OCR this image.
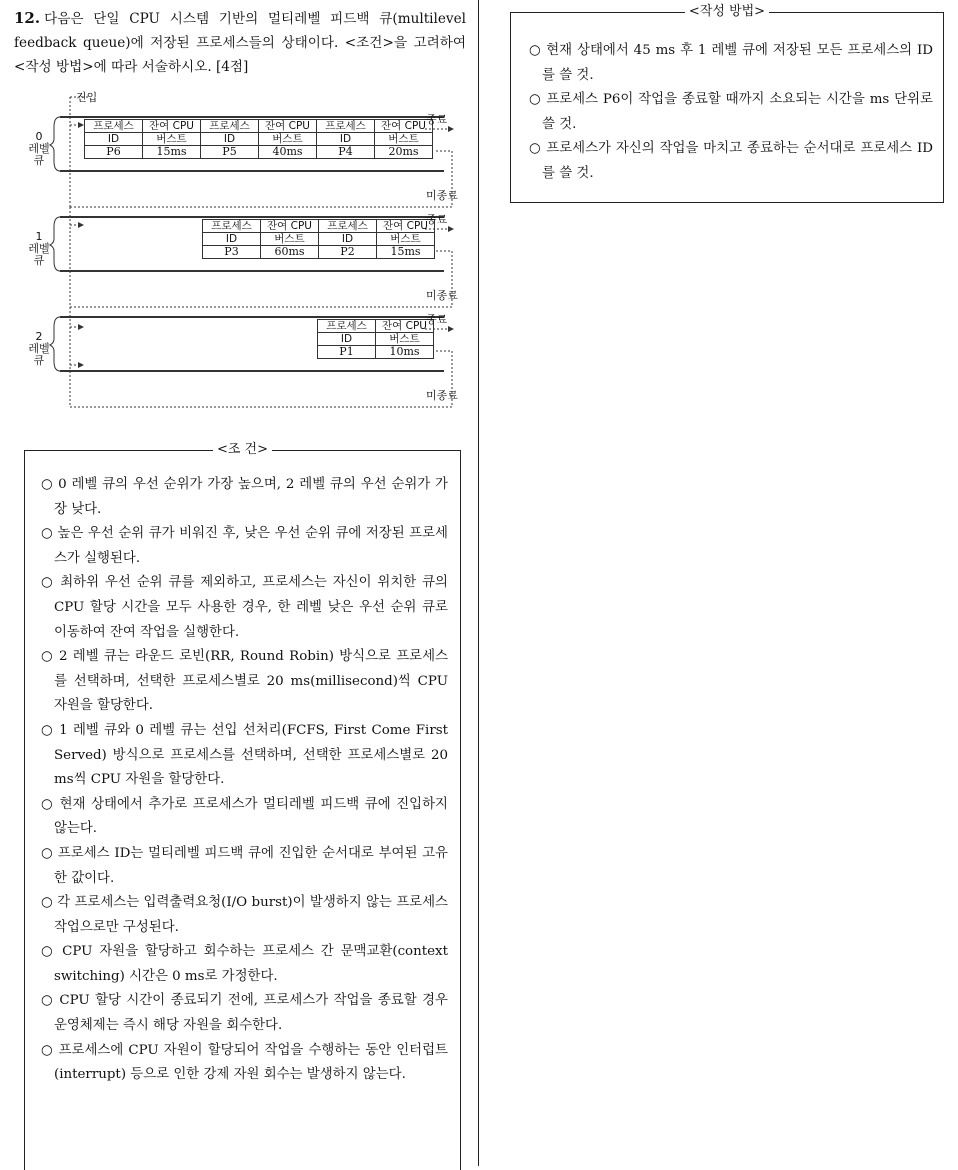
12. 다음은 단일 CPU 시스템 기반의 멀티레벨 피드백 큐(multilevel feedback queue)에 저장된 프로세스들의 상태이다. <조건>을 고려하여 <작성 방법>에 따라 서술하시오. [4점]

진입
0
레벨
큐
프로세스	잔여 CPU	프로세스	잔여 CPU	프로세스	잔여 CPU
ID	버스트	ID	버스트	ID	버스트
P6	15ms	P5	40ms	P4	20ms
종료
미종료
1
레벨
큐
프로세스	잔여 CPU	프로세스	잔여 CPU
ID	버스트	ID	버스트
P3	60ms	P2	15ms
종료
미종료
2
레벨
큐
프로세스	잔여 CPU
ID	버스트
P1	10ms
종료
미종료
<조 건>
○ 0 레벨 큐의 우선 순위가 가장 높으며, 2 레벨 큐의 우선 순위가 가장 낮다.
○ 높은 우선 순위 큐가 비워진 후, 낮은 우선 순위 큐에 저장된 프로세스가 실행된다.
○ 최하위 우선 순위 큐를 제외하고, 프로세스는 자신이 위치한 큐의 CPU 할당 시간을 모두 사용한 경우, 한 레벨 낮은 우선 순위 큐로 이동하여 잔여 작업을 실행한다.
○ 2 레벨 큐는 라운드 로빈(RR, Round Robin) 방식으로 프로세스를 선택하며, 선택한 프로세스별로 20 ms(millisecond)씩 CPU 자원을 할당한다.
○ 1 레벨 큐와 0 레벨 큐는 선입 선처리(FCFS, First Come First Served) 방식으로 프로세스를 선택하며, 선택한 프로세스별로 20 ms씩 CPU 자원을 할당한다.
○ 현재 상태에서 추가로 프로세스가 멀티레벨 피드백 큐에 진입하지 않는다.
○ 프로세스 ID는 멀티레벨 피드백 큐에 진입한 순서대로 부여된 고유한 값이다.
○ 각 프로세스는 입력출력요청(I/O burst)이 발생하지 않는 프로세스 작업으로만 구성된다.
○ CPU 자원을 할당하고 회수하는 프로세스 간 문맥교환(context switching) 시간은 0 ms로 가정한다.
○ CPU 할당 시간이 종료되기 전에, 프로세스가 작업을 종료할 경우 운영체제는 즉시 해당 자원을 회수한다.
○ 프로세스에 CPU 자원이 할당되어 작업을 수행하는 동안 인터럽트(interrupt) 등으로 인한 강제 자원 회수는 발생하지 않는다.
<작성 방법>
○ 현재 상태에서 45 ms 후 1 레벨 큐에 저장된 모든 프로세스의 ID를 쓸 것.
○ 프로세스 P6이 작업을 종료할 때까지 소요되는 시간을 ms 단위로 쓸 것.
○ 프로세스가 자신의 작업을 마치고 종료하는 순서대로 프로세스 ID를 쓸 것.
